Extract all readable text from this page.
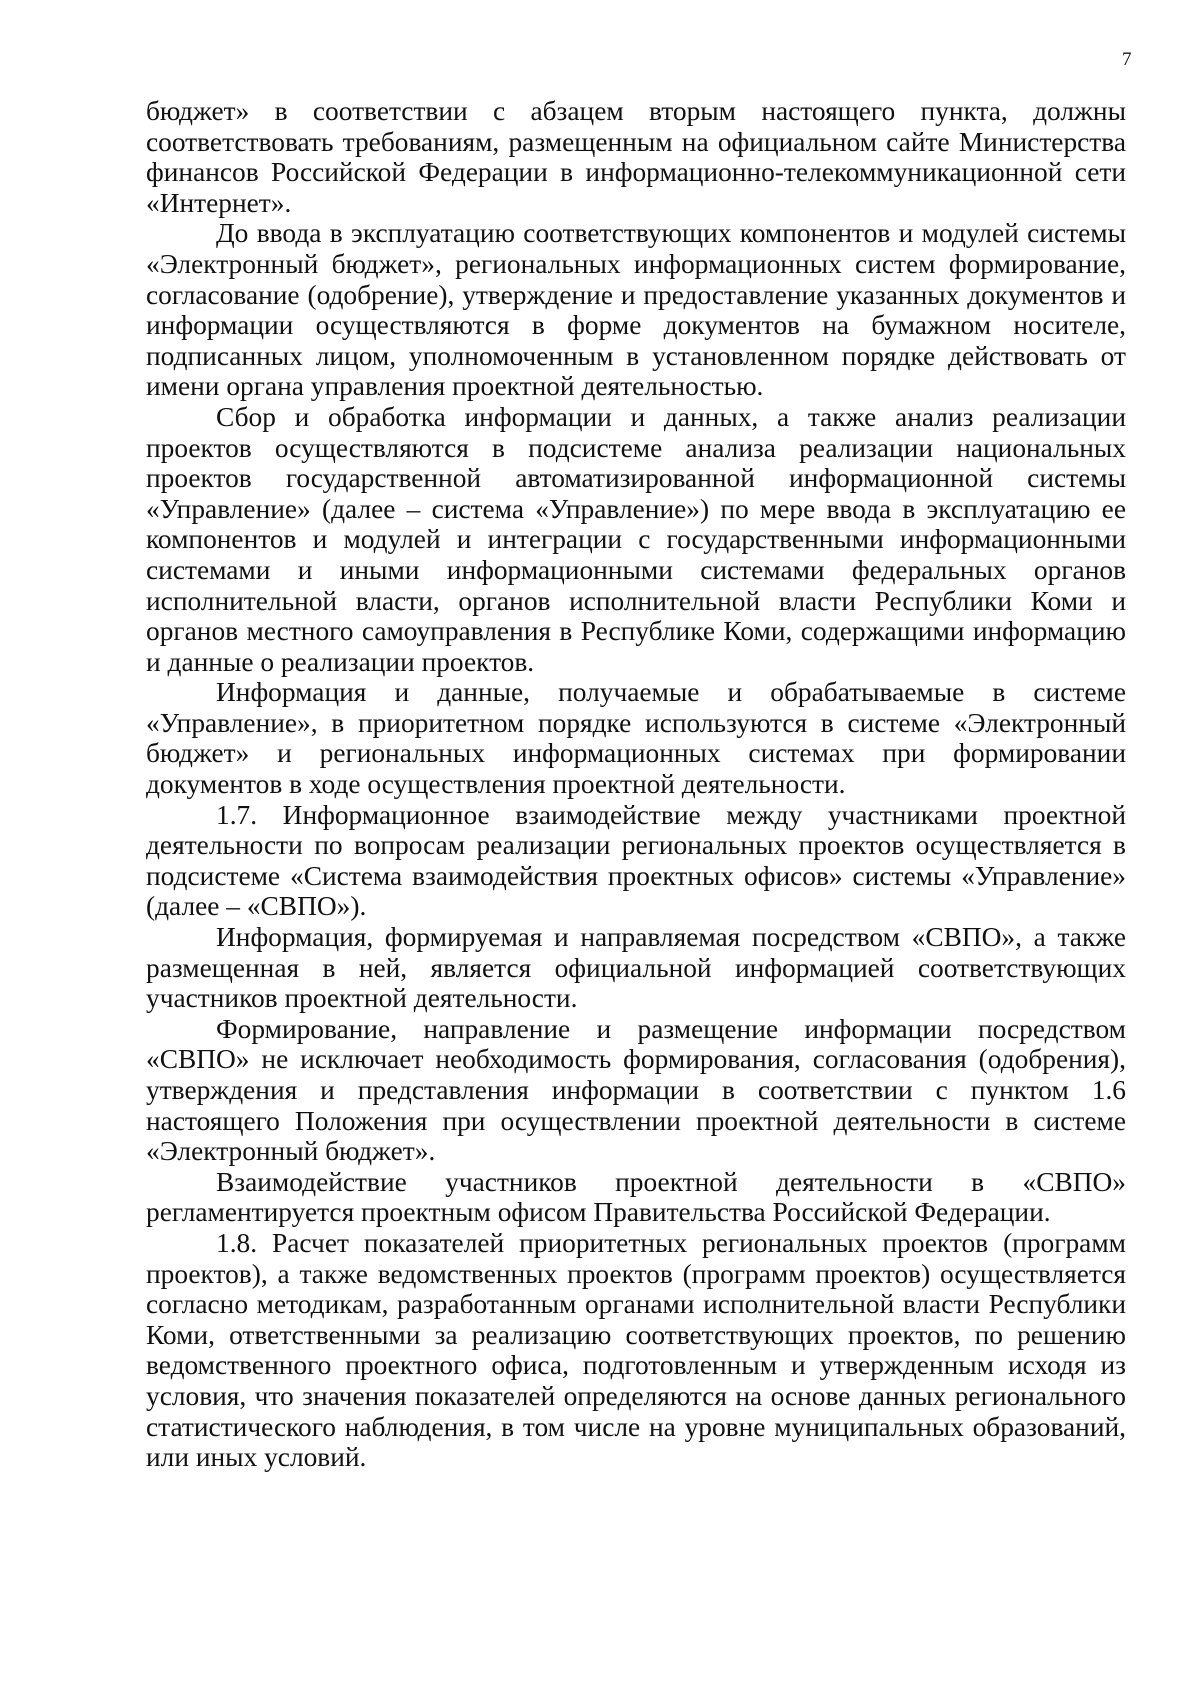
7

бюджет» в соответствии с абзацем вторым настоящего пункта, должны соответствовать требованиям, размещенным на официальном сайте Министерства финансов Российской Федерации в информационно-телекоммуникационной сети «Интернет».

До ввода в эксплуатацию соответствующих компонентов и модулей системы «Электронный бюджет», региональных информационных систем формирование, согласование (одобрение), утверждение и предоставление указанных документов и информации осуществляются в форме документов на бумажном носителе, подписанных лицом, уполномоченным в установленном порядке действовать от имени органа управления проектной деятельностью.

Сбор и обработка информации и данных, а также анализ реализации проектов осуществляются в подсистеме анализа реализации национальных проектов государственной автоматизированной информационной системы «Управление» (далее – система «Управление») по мере ввода в эксплуатацию ее компонентов и модулей и интеграции с государственными информационными системами и иными информационными системами федеральных органов исполнительной власти, органов исполнительной власти Республики Коми и органов местного самоуправления в Республике Коми, содержащими информацию и данные о реализации проектов.

Информация и данные, получаемые и обрабатываемые в системе «Управление», в приоритетном порядке используются в системе «Электронный бюджет» и региональных информационных системах при формировании документов в ходе осуществления проектной деятельности.

1.7. Информационное взаимодействие между участниками проектной деятельности по вопросам реализации региональных проектов осуществляется в подсистеме «Система взаимодействия проектных офисов» системы «Управление» (далее – «СВПО»).

Информация, формируемая и направляемая посредством «СВПО», а также размещенная в ней, является официальной информацией соответствующих участников проектной деятельности.

Формирование, направление и размещение информации посредством «СВПО» не исключает необходимость формирования, согласования (одобрения), утверждения и представления информации в соответствии с пунктом 1.6 настоящего Положения при осуществлении проектной деятельности в системе «Электронный бюджет».

Взаимодействие участников проектной деятельности в «СВПО» регламентируется проектным офисом Правительства Российской Федерации.

1.8. Расчет показателей приоритетных региональных проектов (программ проектов), а также ведомственных проектов (программ проектов) осуществляется согласно методикам, разработанным органами исполнительной власти Республики Коми, ответственными за реализацию соответствующих проектов, по решению ведомственного проектного офиса, подготовленным и утвержденным исходя из условия, что значения показателей определяются на основе данных регионального статистического наблюдения, в том числе на уровне муниципальных образований, или иных условий.
